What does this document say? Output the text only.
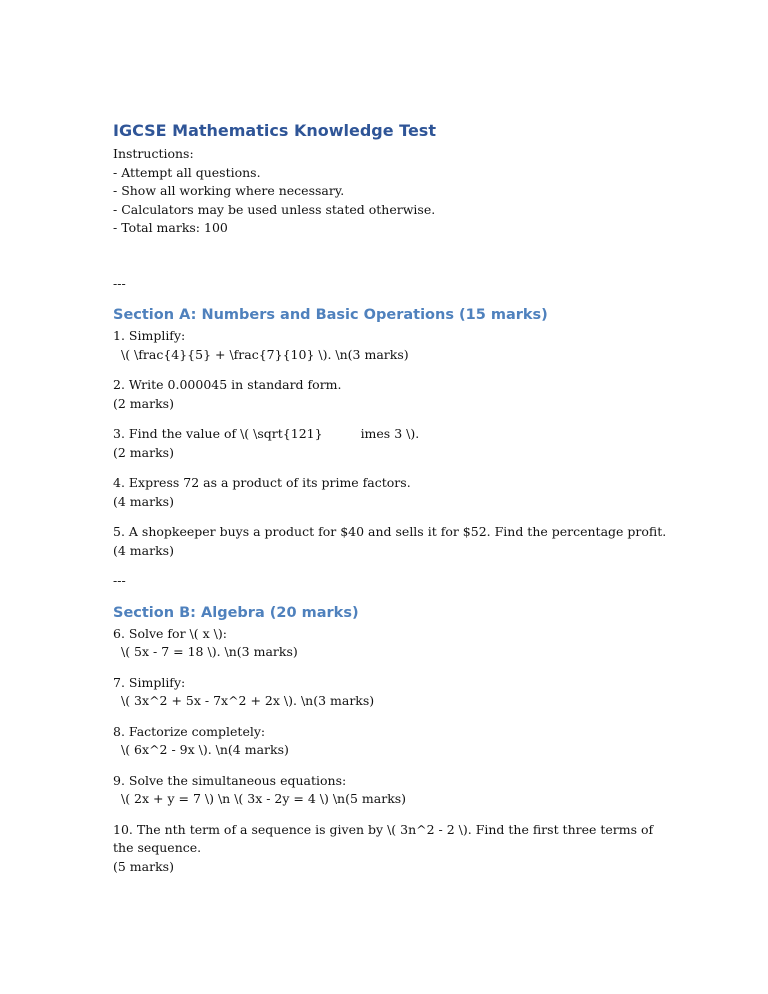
IGCSE Mathematics Knowledge Test
Instructions:
- Attempt all questions.
- Show all working where necessary.
- Calculators may be used unless stated otherwise.
- Total marks: 100
---
Section A: Numbers and Basic Operations (15 marks)
1. Simplify:
\( \frac{4}{5} + \frac{7}{10} \). \n(3 marks)
2. Write 0.000045 in standard form.
(2 marks)
3. Find the value of \( \sqrt{121}	imes 3 \).
(2 marks)
4. Express 72 as a product of its prime factors.
(4 marks)
5. A shopkeeper buys a product for $40 and sells it for $52. Find the percentage profit.
(4 marks)
---
Section B: Algebra (20 marks)
6. Solve for \( x \):
\( 5x - 7 = 18 \). \n(3 marks)
7. Simplify:
\( 3x^2 + 5x - 7x^2 + 2x \). \n(3 marks)
8. Factorize completely:
\( 6x^2 - 9x \). \n(4 marks)
9. Solve the simultaneous equations:
\( 2x + y = 7 \) \n \( 3x - 2y = 4 \) \n(5 marks)
10. The nth term of a sequence is given by \( 3n^2 - 2 \). Find the first three terms of the sequence.
(5 marks)
